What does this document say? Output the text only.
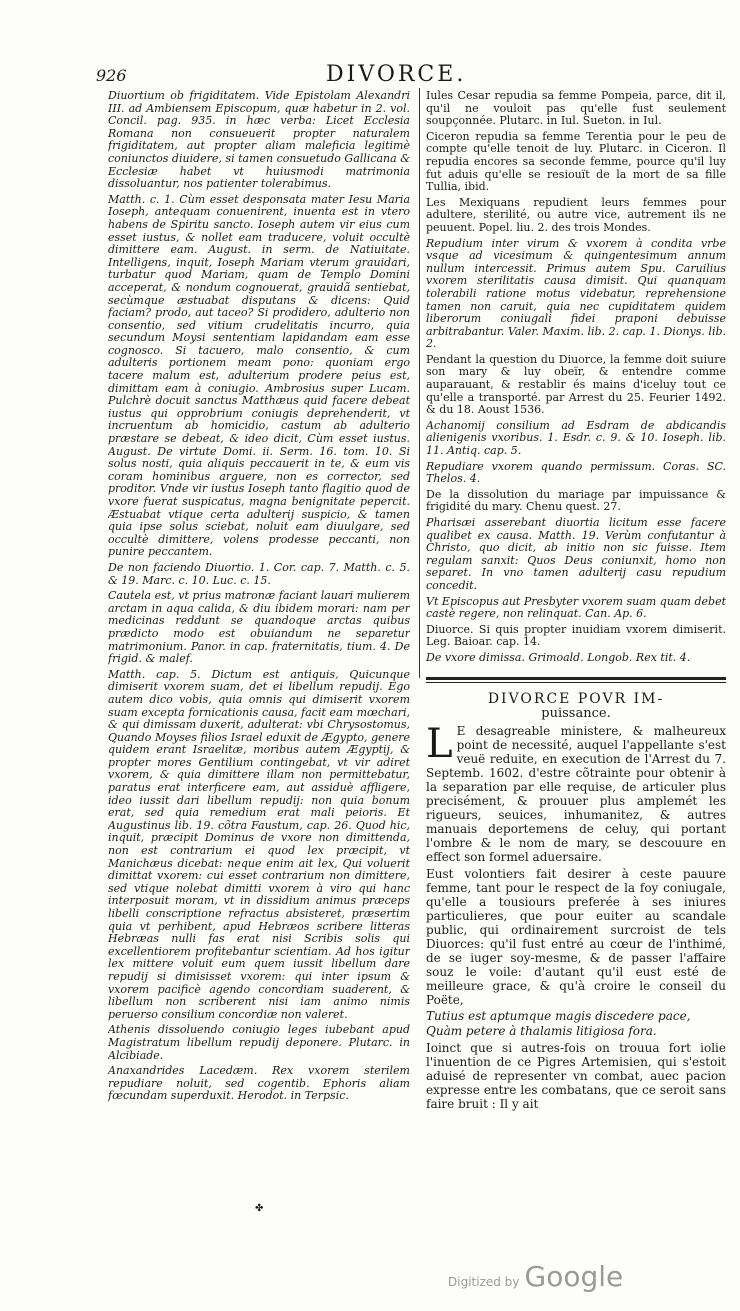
926	DIVORCE.

Diuortium ob frigiditatem. Vide Epistolam Alexandri III. ad Ambiensem Episcopum, quæ habetur in 2. vol. Concil. pag. 935. in hæc verba: Licet Ecclesia Romana non consueuerit propter naturalem frigiditatem, aut propter aliam maleficia legitimè coniunctos diuidere, si tamen consuetudo Gallicana & Ecclesiæ habet vt huiusmodi matrimonia dissoluantur, nos patienter tolerabimus.

Matth. c. 1. Cùm esset desponsata mater Iesu Maria Ioseph, antequam conuenirent, inuenta est in vtero habens de Spiritu sancto. Ioseph autem vir eius cum esset iustus, & nollet eam traducere, voluit occultè dimittere eam. August. in serm. de Natiuitate. Intelligens, inquit, Ioseph Mariam vterum grauidari, turbatur quod Mariam, quam de Templo Domini acceperat, & nondum cognouerat, grauidã sentiebat, secùmque æstuabat disputans & dicens: Quid faciam? prodo, aut taceo? Si prodidero, adulterio non consentio, sed vitium crudelitatis incurro, quia secundum Moysi sententiam lapidandam eam esse cognosco. Si tacuero, malo consentio, & cum adulteris portionem meam pono: quoniam ergo tacere malum est, adulterium prodere peius est, dimittam eam à coniugio. Ambrosius super Lucam. Pulchrè docuit sanctus Matthæus quid facere debeat iustus qui opprobrium coniugis deprehenderit, vt incruentum ab homicidio, castum ab adulterio præstare se debeat, & ideo dicit, Cùm esset iustus. August. De virtute Domi. ii. Serm. 16. tom. 10. Si solus nosti, quia aliquis peccauerit in te, & eum vis coram hominibus arguere, non es corrector, sed proditor. Vnde vir iustus Ioseph tanto flagitio quod de vxore fuerat suspicatus, magna benignitate pepercit. Æstuabat vtique certa adulterij suspicio, & tamen quia ipse solus sciebat, noluit eam diuulgare, sed occultè dimittere, volens prodesse peccanti, non punire peccantem.

De non faciendo Diuortio. 1. Cor. cap. 7. Matth. c. 5. & 19. Marc. c. 10. Luc. c. 15.

Cautela est, vt prius matronæ faciant lauari mulierem arctam in aqua calida, & diu ibidem morari: nam per medicinas reddunt se quandoque arctas quibus prædicto modo est obuiandum ne separetur matrimonium. Panor. in cap. fraternitatis, tium. 4. De frigid. & malef.

Matth. cap. 5. Dictum est antiquis, Quicunque dimiserit vxorem suam, det ei libellum repudij. Ego autem dico vobis, quia omnis qui dimiserit vxorem suam excepta fornicationis causa, facit eam mœchari, & qui dimissam duxerit, adulterat: vbi Chrysostomus, Quando Moyses filios Israel eduxit de Ægypto, genere quidem erant Israelitæ, moribus autem Ægyptij, & propter mores Gentilium contingebat, vt vir adiret vxorem, & quia dimittere illam non permittebatur, paratus erat interficere eam, aut assiduè affligere, ideo iussit dari libellum repudij: non quia bonum erat, sed quia remedium erat mali peioris. Et Augustinus lib. 19. cõtra Faustum, cap. 26. Quod hic, inquit, præcipit Dominus de vxore non dimittenda, non est contrarium ei quod lex præcipit, vt Manichæus dicebat: neque enim ait lex, Qui voluerit dimittat vxorem: cui esset contrarium non dimittere, sed vtique nolebat dimitti vxorem à viro qui hanc interposuit moram, vt in dissidium animus præceps libelli conscriptione refractus absisteret, præsertim quia vt perhibent, apud Hebræos scribere litteras Hebræas nulli fas erat nisi Scribis solis qui excellentiorem profitebantur scientiam. Ad hos igitur lex mittere voluit eum quem iussit libellum dare repudij si dimisisset vxorem: qui inter ipsum & vxorem pacificè agendo concordiam suaderent, & libellum non scriberent nisi iam animo nimis peruerso consilium concordiæ non valeret.

Athenis dissoluendo coniugio leges iubebant apud Magistratum libellum repudij deponere. Plutarc. in Alcibiade.

Anaxandrides Lacedæm. Rex vxorem sterilem repudiare noluit, sed cogentib. Ephoris aliam fœcundam superduxit. Herodot. in Terpsic.

Iules Cesar repudia sa femme Pompeia, parce, dit il, qu'il ne vouloit pas qu'elle fust seulement soupçonnée. Plutarc. in Iul. Sueton. in Iul.

Ciceron repudia sa femme Terentia pour le peu de compte qu'elle tenoit de luy. Plutarc. in Ciceron. Il repudia encores sa seconde femme, pource qu'il luy fut aduis qu'elle se resiouït de la mort de sa fille Tullia, ibid.

Les Mexiquans repudient leurs femmes pour adultere, sterilité, ou autre vice, autrement ils ne peuuent. Popel. liu. 2. des trois Mondes.

Repudium inter virum & vxorem à condita vrbe vsque ad vicesimum & quingentesimum annum nullum intercessit. Primus autem Spu. Caruilius vxorem sterilitatis causa dimisit. Qui quanquam tolerabili ratione motus videbatur, reprehensione tamen non caruit, quia nec cupiditatem quidem liberorum coniugali fidei praponi debuisse arbitrabantur. Valer. Maxim. lib. 2. cap. 1. Dionys. lib. 2.

Pendant la question du Diuorce, la femme doit suiure son mary & luy obeïr, & entendre comme auparauant, & restablir és mains d'iceluy tout ce qu'elle a transporté. par Arrest du 25. Feurier 1492. & du 18. Aoust 1536.

Achanomij consilium ad Esdram de abdicandis alienigenis vxoribus. 1. Esdr. c. 9. & 10. Ioseph. lib. 11. Antiq. cap. 5.

Repudiare vxorem quando permissum. Coras. SC. Thelos. 4.

De la dissolution du mariage par impuissance & frigidité du mary. Chenu quest. 27.

Pharisæi asserebant diuortia licitum esse facere qualibet ex causa. Matth. 19. Verùm confutantur à Christo, quo dicit, ab initio non sic fuisse. Item regulam sanxit: Quos Deus coniunxit, homo non separet. In vno tamen adulterij casu repudium concedit.

Vt Episcopus aut Presbyter vxorem suam quam debet castè regere, non relinquat. Can. Ap. 6.

Diuorce. Si quis propter inuidiam vxorem dimiserit. Leg. Baioar. cap. 14.

De vxore dimissa. Grimoald. Longob. Rex tit. 4.

DIVORCE POVR IM-

puissance.

L E desagreable ministere, & malheureux point de necessité, auquel l'appellante s'est veuë reduite, en execution de l'Arrest du 7. Septemb. 1602. d'estre cõtrainte pour obtenir à la separation par elle requise, de articuler plus precisément, & prouuer plus amplemét les rigueurs, seuices, inhumanitez, & autres manuais deportemens de celuy, qui portant l'ombre & le nom de mary, se descouure en effect son formel aduersaire.

Eust volontiers fait desirer à ceste pauure femme, tant pour le respect de la foy coniugale, qu'elle a tousiours preferée à ses iniures particulieres, que pour euiter au scandale public, qui ordinairement surcroist de tels Diuorces: qu'il fust entré au cœur de l'inthimé, de se iuger soy-mesme, & de passer l'affaire souz le voile: d'autant qu'il eust esté de meilleure grace, & qu'à croire le conseil du Poëte,

Tutius est aptumque magis discedere pace,

Quàm petere à thalamis litigiosa fora.

Ioinct que si autres-fois on trouua fort iolie l'inuention de ce Pigres Artemisien, qui s'estoit aduisé de representer vn combat, auec pacion expresse entre les combatans, que ce seroit sans faire bruit : Il y ait

✤
Digitized by Google
